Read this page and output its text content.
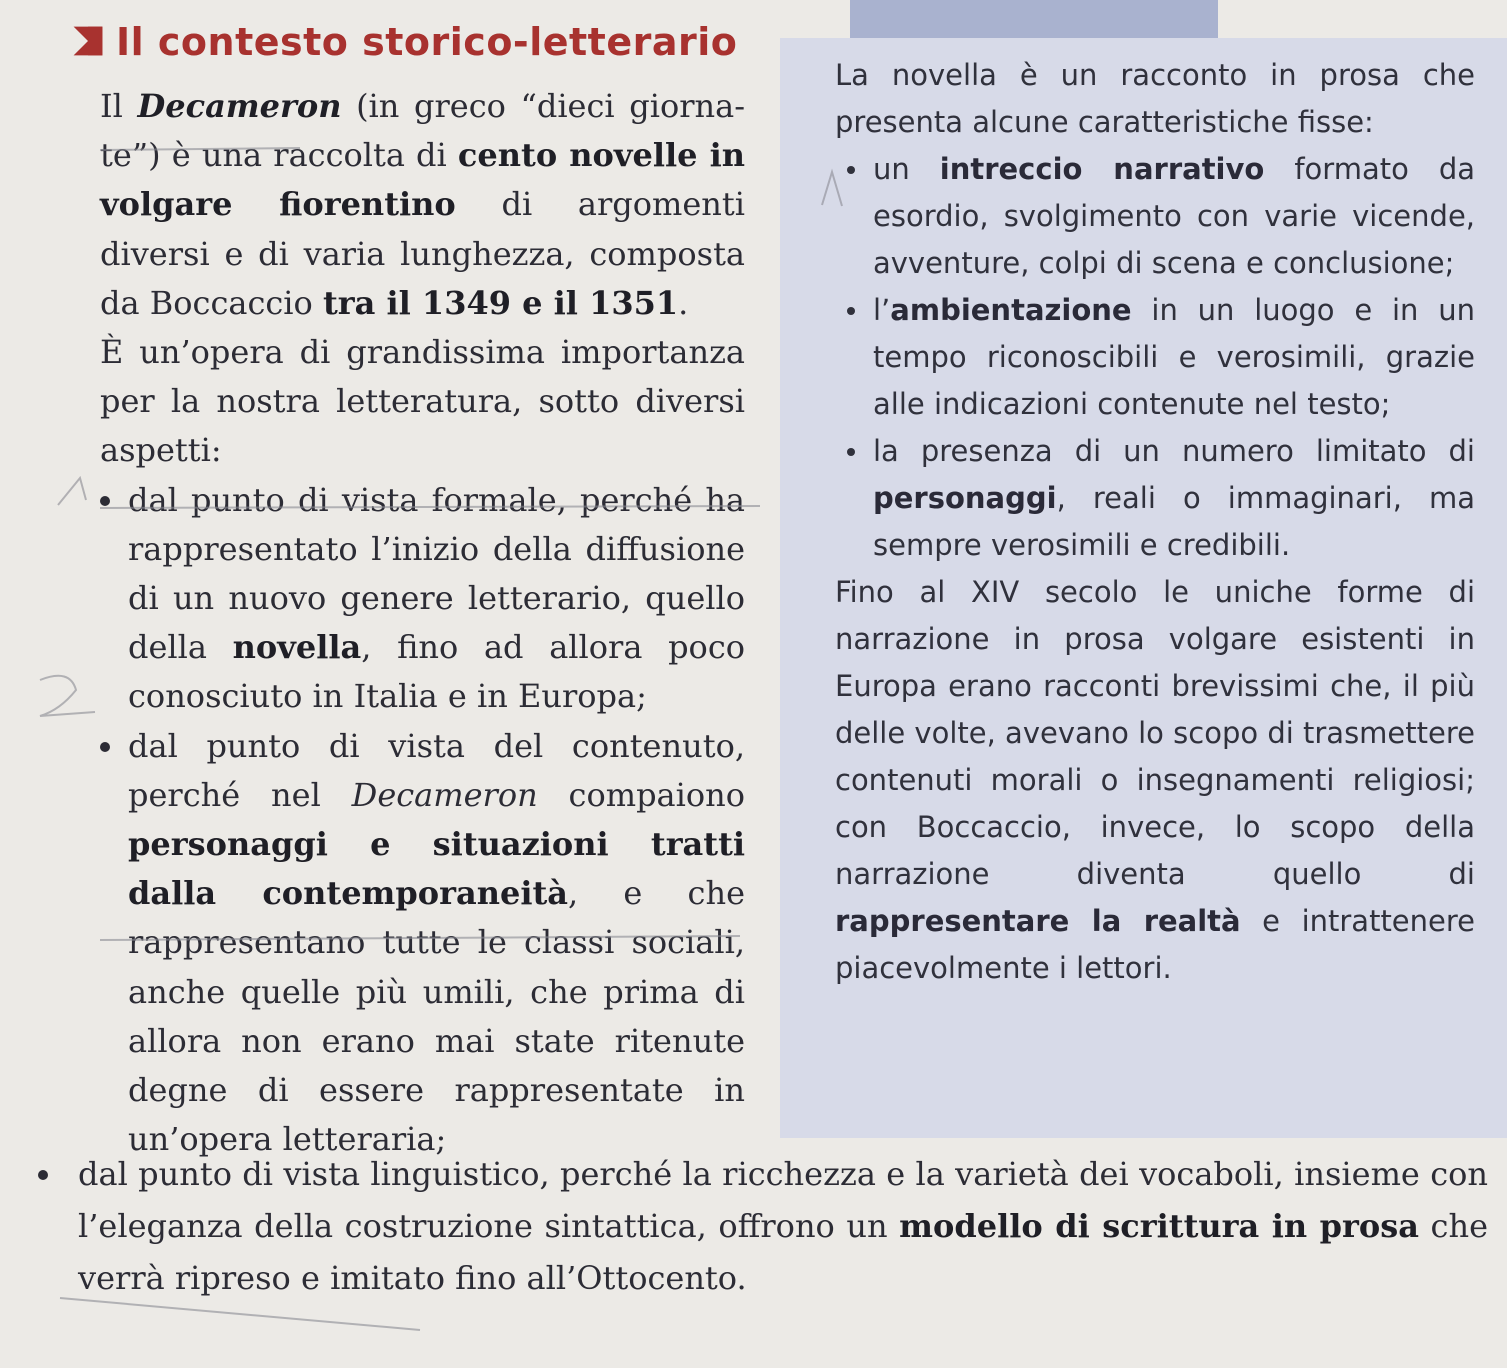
Il contesto storico-letterario

Il Decameron (in greco “dieci giorna-te”) è una raccolta di cento novelle in volgare fiorentino di argomenti diversi e di varia lunghezza, composta da Boccaccio tra il 1349 e il 1351.

È un’opera di grandissima importanza per la nostra letteratura, sotto diversi aspetti:

dal punto di vista formale, perché ha rappresentato l’inizio della diffusione di un nuovo genere letterario, quello della novella, fino ad allora poco conosciuto in Italia e in Europa;
dal punto di vista del contenuto, perché nel Decameron compaiono personaggi e situazioni tratti dalla contemporaneità, e che rappresentano tutte le classi sociali, anche quelle più umili, che prima di allora non erano mai state ritenute degne di essere rappresentate in un’opera letteraria;
dal punto di vista linguistico, perché la ricchezza e la varietà dei vocaboli, insieme con l’eleganza della costruzione sintattica, offrono un modello di scrittura in prosa che verrà ripreso e imitato fino all’Ottocento.

La novella è un racconto in prosa che presenta alcune caratteristiche fisse:

un intreccio narrativo formato da esordio, svolgimento con varie vicende, avventure, colpi di scena e conclusione;
l’ambientazione in un luogo e in un tempo riconoscibili e verosimili, grazie alle indicazioni contenute nel testo;
la presenza di un numero limitato di personaggi, reali o immaginari, ma sempre verosimili e credibili.

Fino al XIV secolo le uniche forme di narrazione in prosa volgare esistenti in Europa erano racconti brevissimi che, il più delle volte, avevano lo scopo di trasmettere contenuti morali o insegnamenti religiosi; con Boccaccio, invece, lo scopo della narrazione diventa quello di rappresentare la realtà e intrattenere piacevolmente i lettori.
